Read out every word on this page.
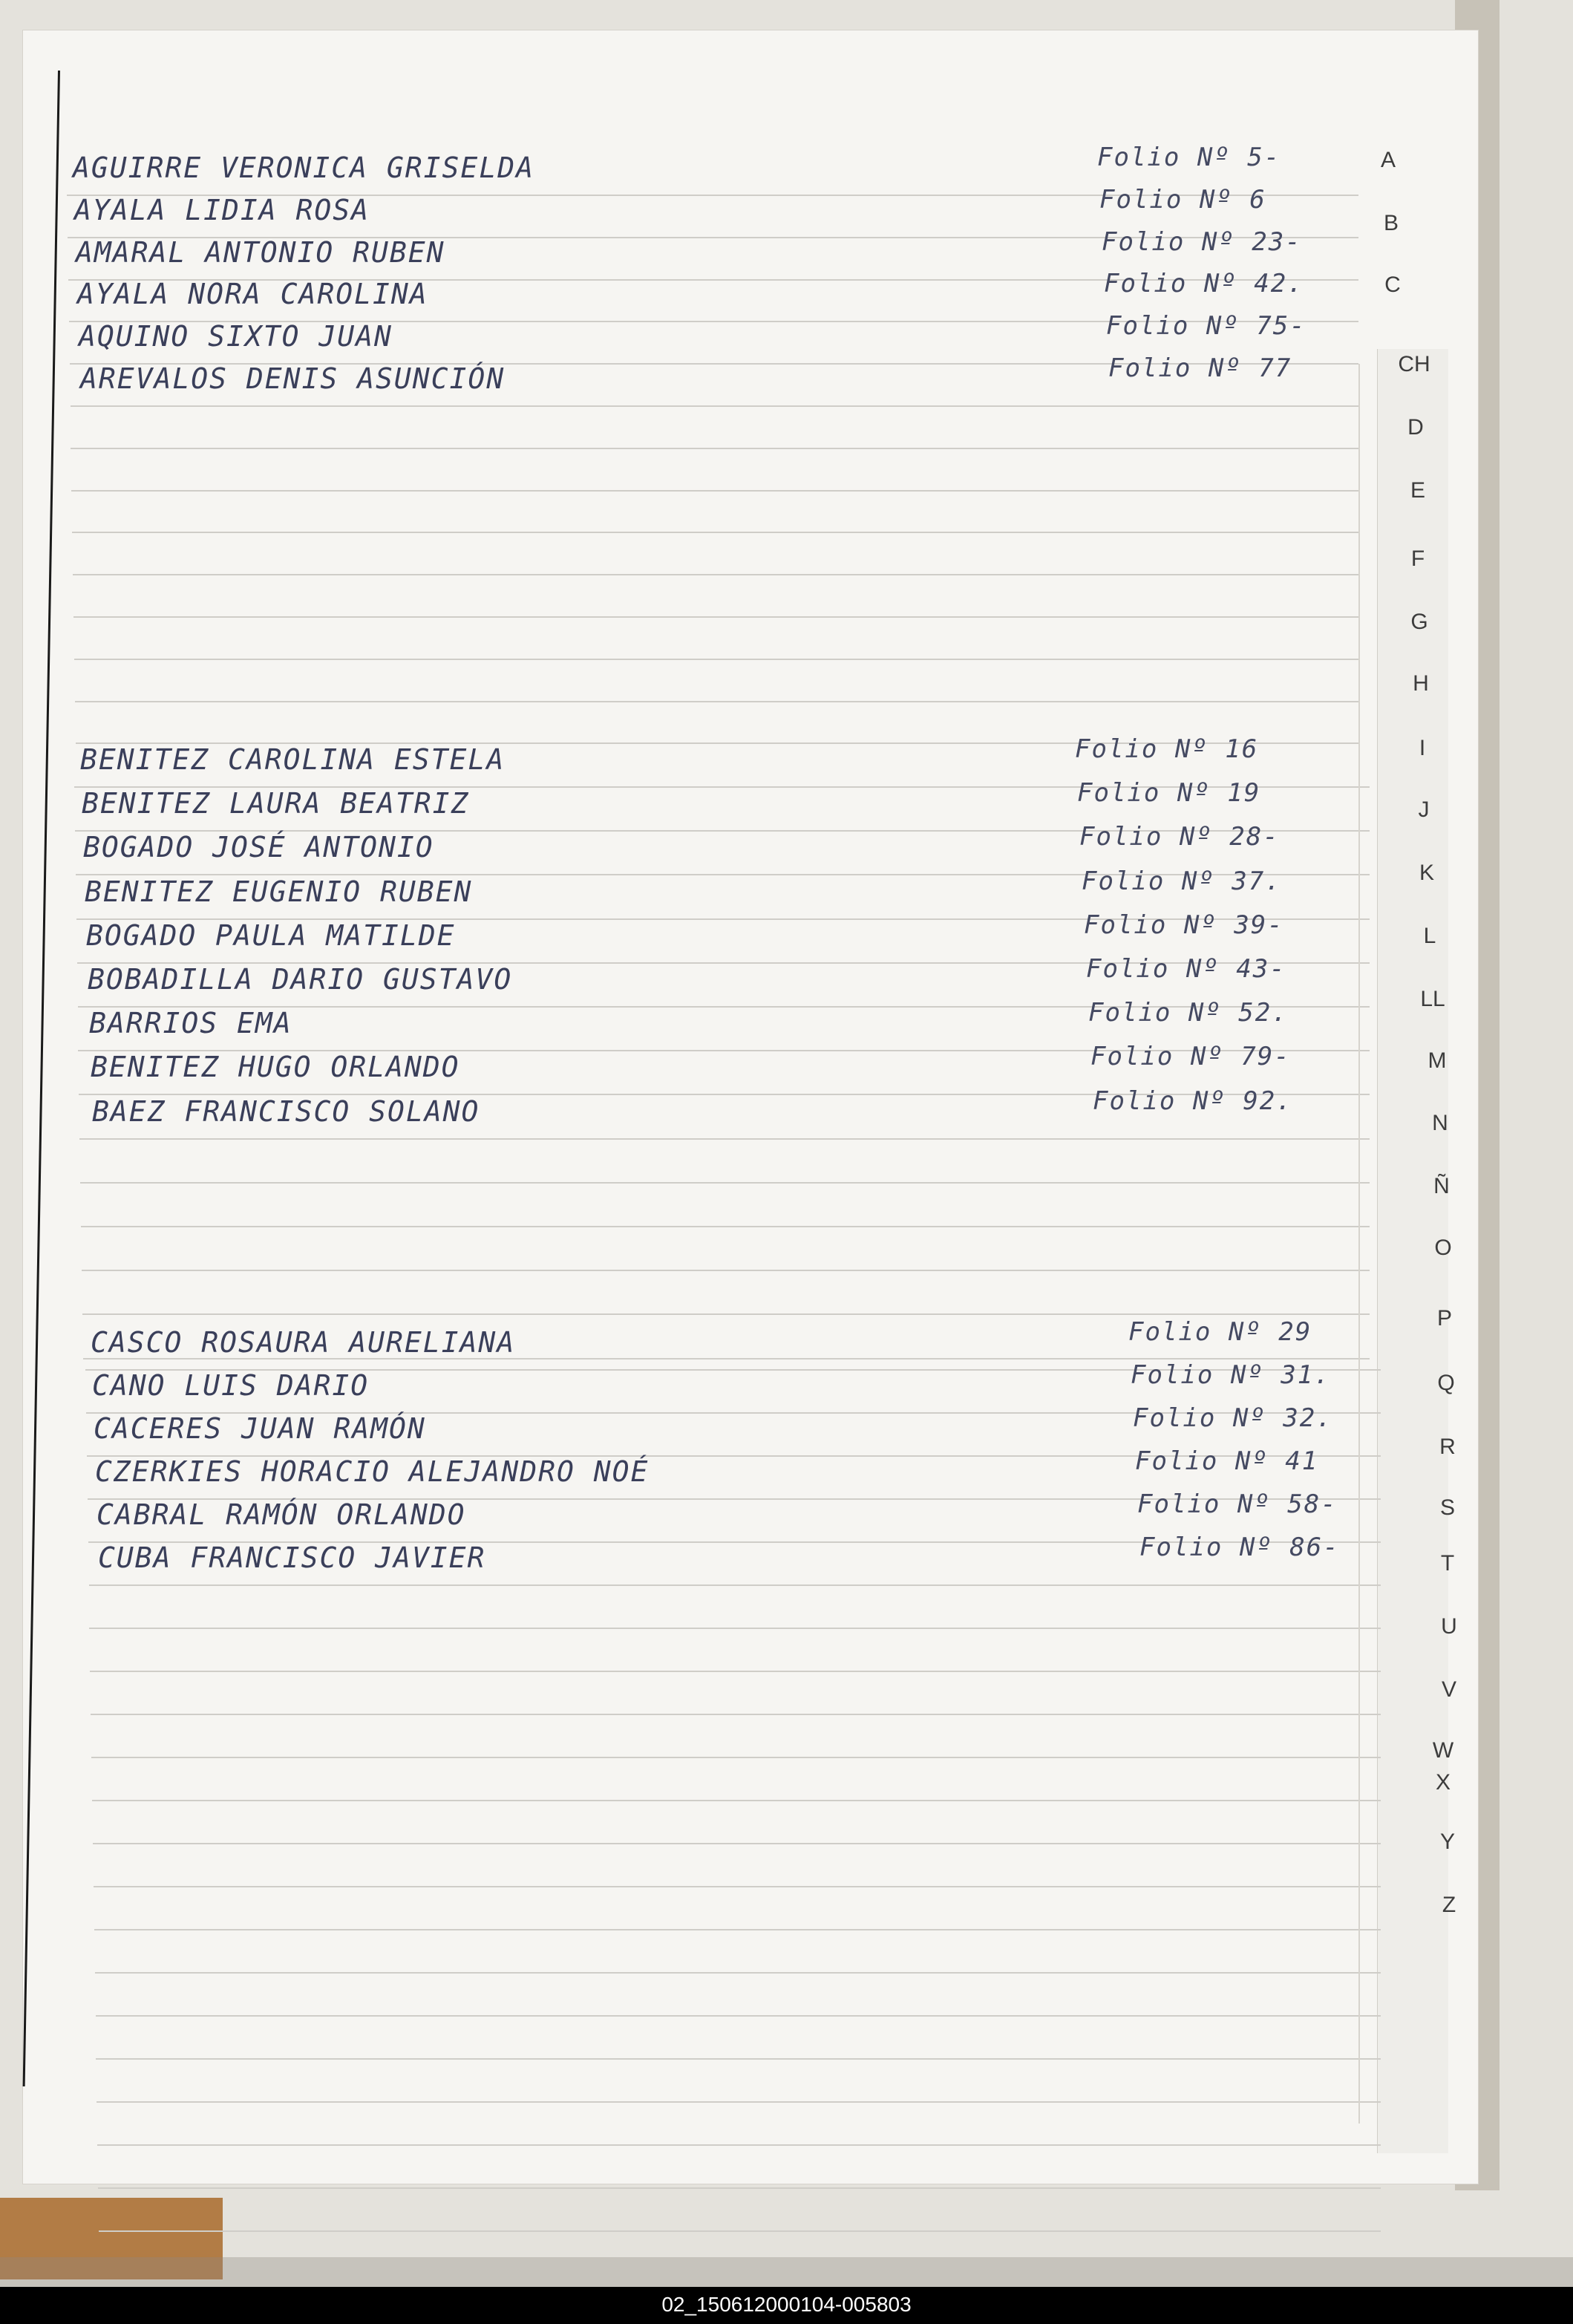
A
B
C
CH
D
E
F
G
H
I
J
K
L
LL
M
N
Ñ
O
P
Q
R
S
T
U
V
W
X
Y
Z
AGUIRRE VERONICA GRISELDA	Folio Nº 5-
AYALA LIDIA ROSA	Folio Nº 6
AMARAL ANTONIO RUBEN	Folio Nº 23-
AYALA NORA CAROLINA	Folio Nº 42.
AQUINO SIXTO JUAN	Folio Nº 75-
AREVALOS DENIS ASUNCIÓN	Folio Nº 77
BENITEZ CAROLINA ESTELA	Folio Nº 16
BENITEZ LAURA BEATRIZ	Folio Nº 19
BOGADO JOSÉ ANTONIO	Folio Nº 28-
BENITEZ EUGENIO RUBEN	Folio Nº 37.
BOGADO PAULA MATILDE	Folio Nº 39-
BOBADILLA DARIO GUSTAVO	Folio Nº 43-
BARRIOS EMA	Folio Nº 52.
BENITEZ HUGO ORLANDO	Folio Nº 79-
BAEZ FRANCISCO SOLANO	Folio Nº 92.
CASCO ROSAURA AURELIANA	Folio Nº 29
CANO LUIS DARIO	Folio Nº 31.
CACERES JUAN RAMÓN	Folio Nº 32.
CZERKIES HORACIO ALEJANDRO NOÉ	Folio Nº 41
CABRAL RAMÓN ORLANDO	Folio Nº 58-
CUBA FRANCISCO JAVIER	Folio Nº 86-
02_150612000104-005803
